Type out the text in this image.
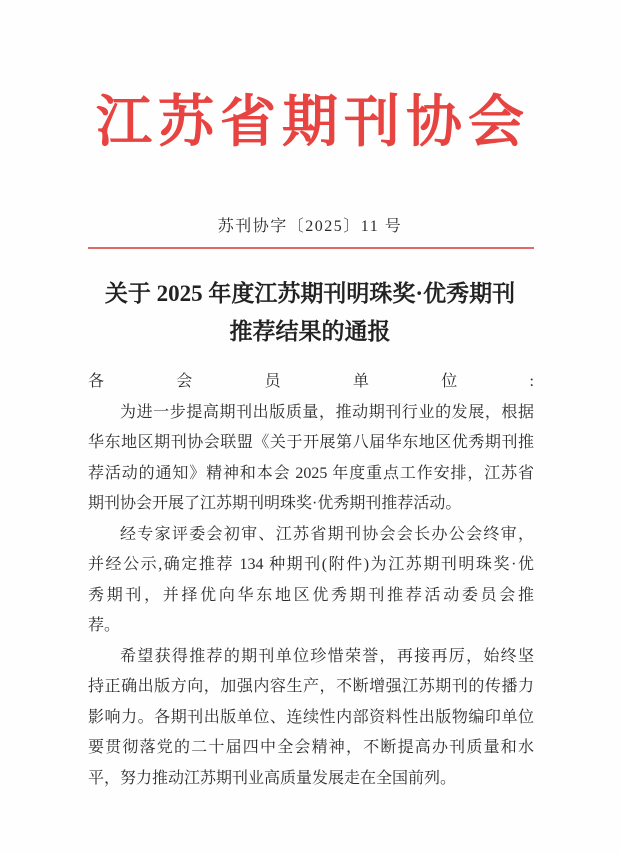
江苏省期刊协会
苏刊协字〔2025〕11 号
关于 2025 年度江苏期刊明珠奖·优秀期刊
推荐结果的通报
各会员单位:
为进一步提高期刊出版质量，推动期刊行业的发展，根据
华东地区期刊协会联盟《关于开展第八届华东地区优秀期刊推
荐活动的通知》精神和本会 2025 年度重点工作安排，江苏省
期刊协会开展了江苏期刊明珠奖·优秀期刊推荐活动。
经专家评委会初审、江苏省期刊协会会长办公会终审，
并经公示,确定推荐 134 种期刊(附件)为江苏期刊明珠奖·优
秀期刊，并择优向华东地区优秀期刊推荐活动委员会推
荐。
希望获得推荐的期刊单位珍惜荣誉，再接再厉，始终坚
持正确出版方向，加强内容生产，不断增强江苏期刊的传播力
影响力。各期刊出版单位、连续性内部资料性出版物编印单位
要贯彻落党的二十届四中全会精神，不断提高办刊质量和水
平，努力推动江苏期刊业高质量发展走在全国前列。
